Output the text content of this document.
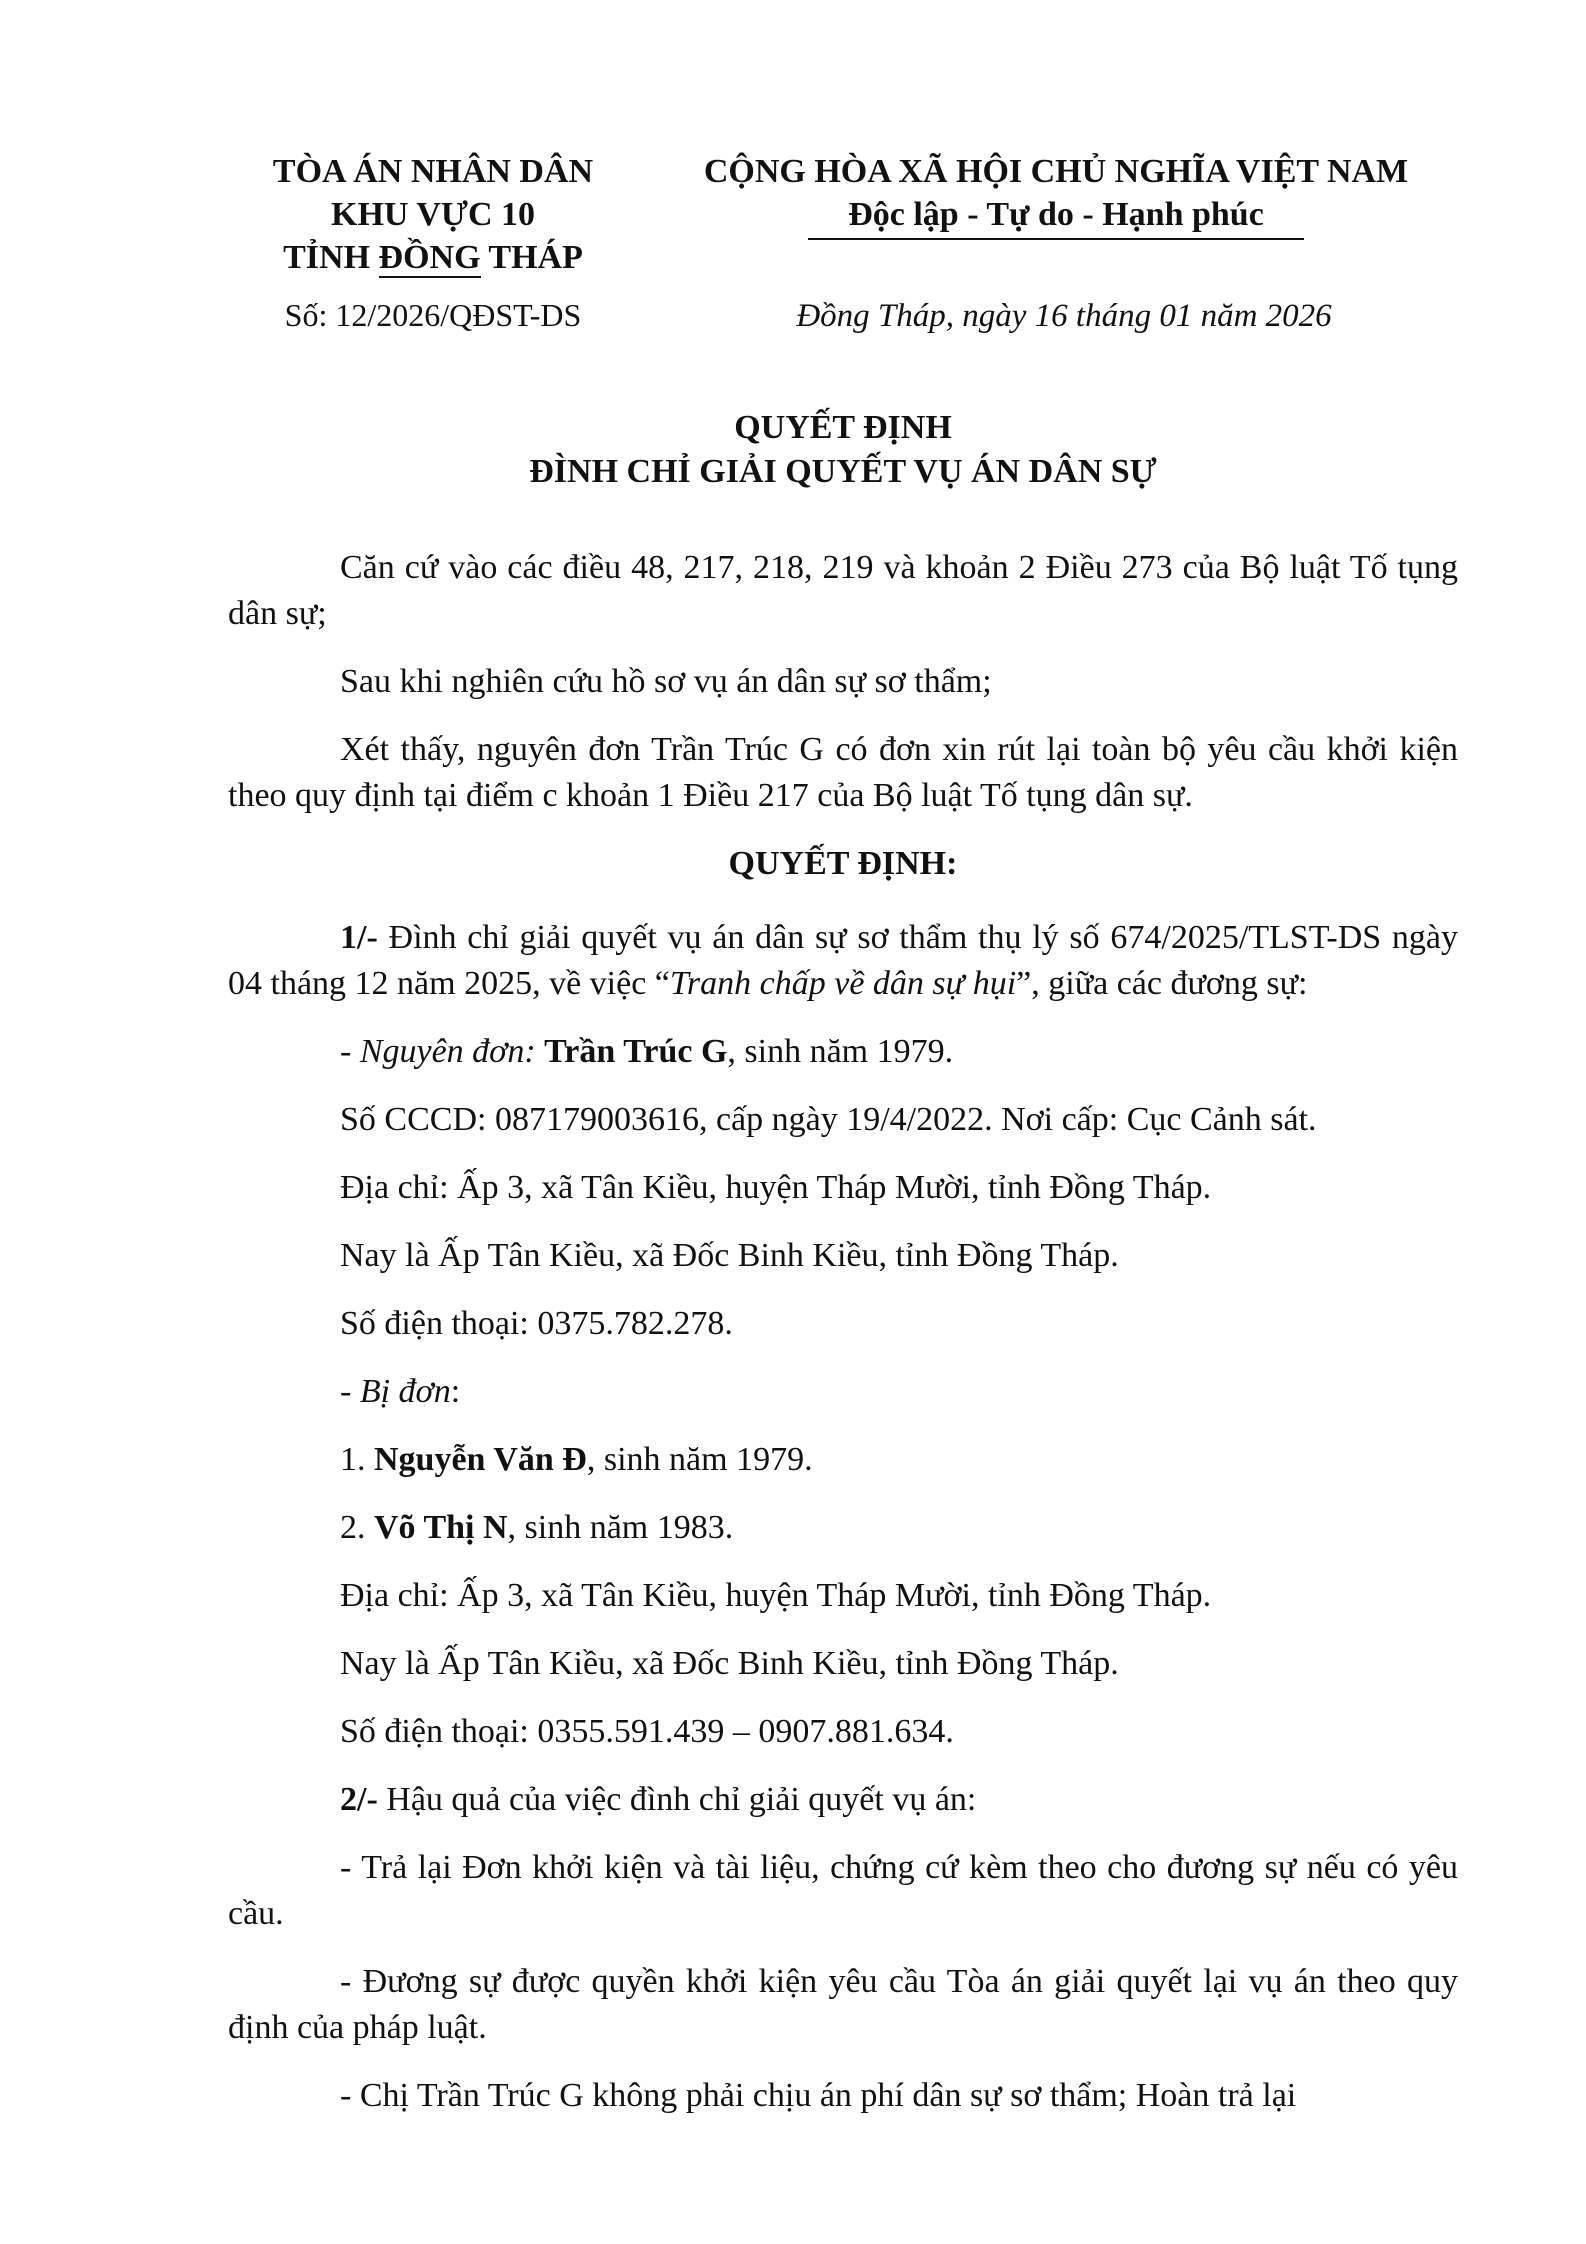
TÒA ÁN NHÂN DÂN
KHU VỰC 10
TỈNH ĐỒNG THÁP
CỘNG HÒA XÃ HỘI CHỦ NGHĨA VIỆT NAM
Độc lập - Tự do - Hạnh phúc
Số: 12/2026/QĐST-DS	Đồng Tháp, ngày 16 tháng 01 năm 2026
QUYẾT ĐỊNH
ĐÌNH CHỈ GIẢI QUYẾT VỤ ÁN DÂN SỰ

Căn cứ vào các điều 48, 217, 218, 219 và khoản 2 Điều 273 của Bộ luật Tố tụng dân sự;

Sau khi nghiên cứu hồ sơ vụ án dân sự sơ thẩm;

Xét thấy, nguyên đơn Trần Trúc G có đơn xin rút lại toàn bộ yêu cầu khởi kiện theo quy định tại điểm c khoản 1 Điều 217 của Bộ luật Tố tụng dân sự.

QUYẾT ĐỊNH:

1/- Đình chỉ giải quyết vụ án dân sự sơ thẩm thụ lý số 674/2025/TLST-DS ngày 04 tháng 12 năm 2025, về việc “Tranh chấp về dân sự hụi”, giữa các đương sự:

- Nguyên đơn: Trần Trúc G, sinh năm 1979.

Số CCCD: 087179003616, cấp ngày 19/4/2022. Nơi cấp: Cục Cảnh sát.

Địa chỉ: Ấp 3, xã Tân Kiều, huyện Tháp Mười, tỉnh Đồng Tháp.

Nay là Ấp Tân Kiều, xã Đốc Binh Kiều, tỉnh Đồng Tháp.

Số điện thoại: 0375.782.278.

- Bị đơn:

1. Nguyễn Văn Đ, sinh năm 1979.

2. Võ Thị N, sinh năm 1983.

Địa chỉ: Ấp 3, xã Tân Kiều, huyện Tháp Mười, tỉnh Đồng Tháp.

Nay là Ấp Tân Kiều, xã Đốc Binh Kiều, tỉnh Đồng Tháp.

Số điện thoại: 0355.591.439 – 0907.881.634.

2/- Hậu quả của việc đình chỉ giải quyết vụ án:

- Trả lại Đơn khởi kiện và tài liệu, chứng cứ kèm theo cho đương sự nếu có yêu cầu.

- Đương sự được quyền khởi kiện yêu cầu Tòa án giải quyết lại vụ án theo quy định của pháp luật.

- Chị Trần Trúc G không phải chịu án phí dân sự sơ thẩm; Hoàn trả lại
